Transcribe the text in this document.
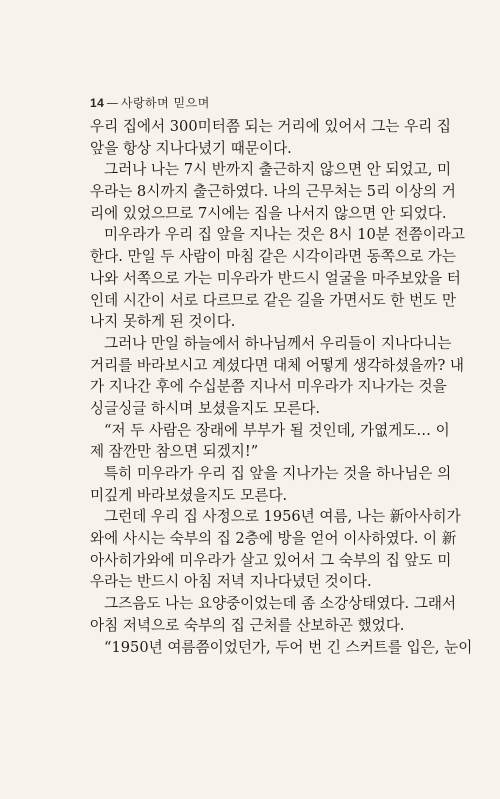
14 — 사랑하며 믿으며
우리 집에서 300미터쯤 되는 거리에 있어서 그는 우리 집
앞을 항상 지나다녔기 때문이다.
그러나 나는 7시 반까지 출근하지 않으면 안 되었고, 미
우라는 8시까지 출근하였다. 나의 근무처는 5리 이상의 거
리에 있었으므로 7시에는 집을 나서지 않으면 안 되었다.
미우라가 우리 집 앞을 지나는 것은 8시 10분 전쯤이라고
한다. 만일 두 사람이 마침 같은 시각이라면 동쪽으로 가는
나와 서쪽으로 가는 미우라가 반드시 얼굴을 마주보았을 터
인데 시간이 서로 다르므로 같은 길을 가면서도 한 번도 만
나지 못하게 된 것이다.
그러나 만일 하늘에서 하나님께서 우리들이 지나다니는
거리를 바라보시고 계셨다면 대체 어떻게 생각하셨을까? 내
가 지나간 후에 수십분쯤 지나서 미우라가 지나가는 것을
싱글싱글 하시며 보셨을지도 모른다.
“저 두 사람은 장래에 부부가 될 것인데, 가엾게도… 이
제 잠깐만 참으면 되겠지!”
특히 미우라가 우리 집 앞을 지나가는 것을 하나님은 의
미깊게 바라보셨을지도 모른다.
그런데 우리 집 사정으로 1956년 여름, 나는 新아사히가
와에 사시는 숙부의 집 2층에 방을 얻어 이사하였다. 이 新
아사히가와에 미우라가 살고 있어서 그 숙부의 집 앞도 미
우라는 반드시 아침 저녁 지나다녔던 것이다.
그즈음도 나는 요양중이었는데 좀 소강상태였다. 그래서
아침 저녁으로 숙부의 집 근처를 산보하곤 했었다.
“1950년 여름쯤이었던가, 두어 번 긴 스커트를 입은, 눈이
